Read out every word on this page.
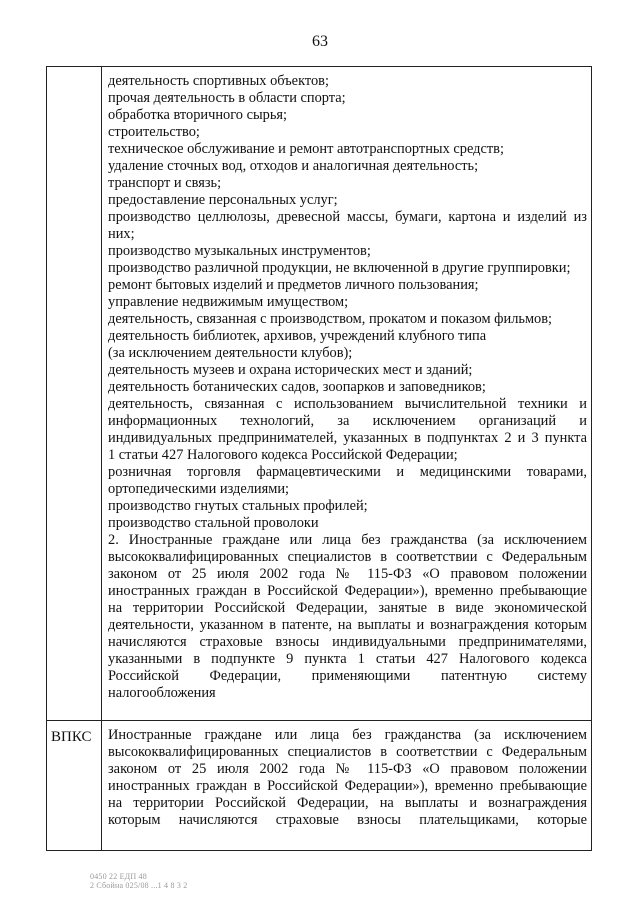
63
деятельность спортивных объектов;
прочая деятельность в области спорта;
обработка вторичного сырья;
строительство;
техническое обслуживание и ремонт автотранспортных средств;
удаление сточных вод, отходов и аналогичная деятельность;
транспорт и связь;
предоставление персональных услуг;
производство целлюлозы, древесной массы, бумаги, картона и изделий из
них;
производство музыкальных инструментов;
производство различной продукции, не включенной в другие группировки;
ремонт бытовых изделий и предметов личного пользования;
управление недвижимым имуществом;
деятельность, связанная с производством, прокатом и показом фильмов;
деятельность библиотек, архивов, учреждений клубного типа
(за исключением деятельности клубов);
деятельность музеев и охрана исторических мест и зданий;
деятельность ботанических садов, зоопарков и заповедников;
деятельность, связанная с использованием вычислительной техники и
информационных технологий, за исключением организаций и
индивидуальных предпринимателей, указанных в подпунктах 2 и 3 пункта
1 статьи 427 Налогового кодекса Российской Федерации;
розничная торговля фармацевтическими и медицинскими товарами,
ортопедическими изделиями;
производство гнутых стальных профилей;
производство стальной проволоки
2. Иностранные граждане или лица без гражданства (за исключением
высококвалифицированных специалистов в соответствии с Федеральным
законом от 25 июля 2002 года № 115-ФЗ «О правовом положении
иностранных граждан в Российской Федерации»), временно пребывающие
на территории Российской Федерации, занятые в виде экономической
деятельности, указанном в патенте, на выплаты и вознаграждения которым
начисляются страховые взносы индивидуальными предпринимателями,
указанными в подпункте 9 пункта 1 статьи 427 Налогового кодекса
Российской Федерации, применяющими патентную систему
налогообложения
ВПКС Иностранные граждане или лица без гражданства (за исключением
высококвалифицированных специалистов в соответствии с Федеральным
законом от 25 июля 2002 года № 115-ФЗ «О правовом положении
иностранных граждан в Российской Федерации»), временно пребывающие
на территории Российской Федерации, на выплаты и вознаграждения
которым начисляются страховые взносы плательщиками, которые
0450 22 ЕДП 48
2 Сбойна 025/08 ...1 4 8 3 2
